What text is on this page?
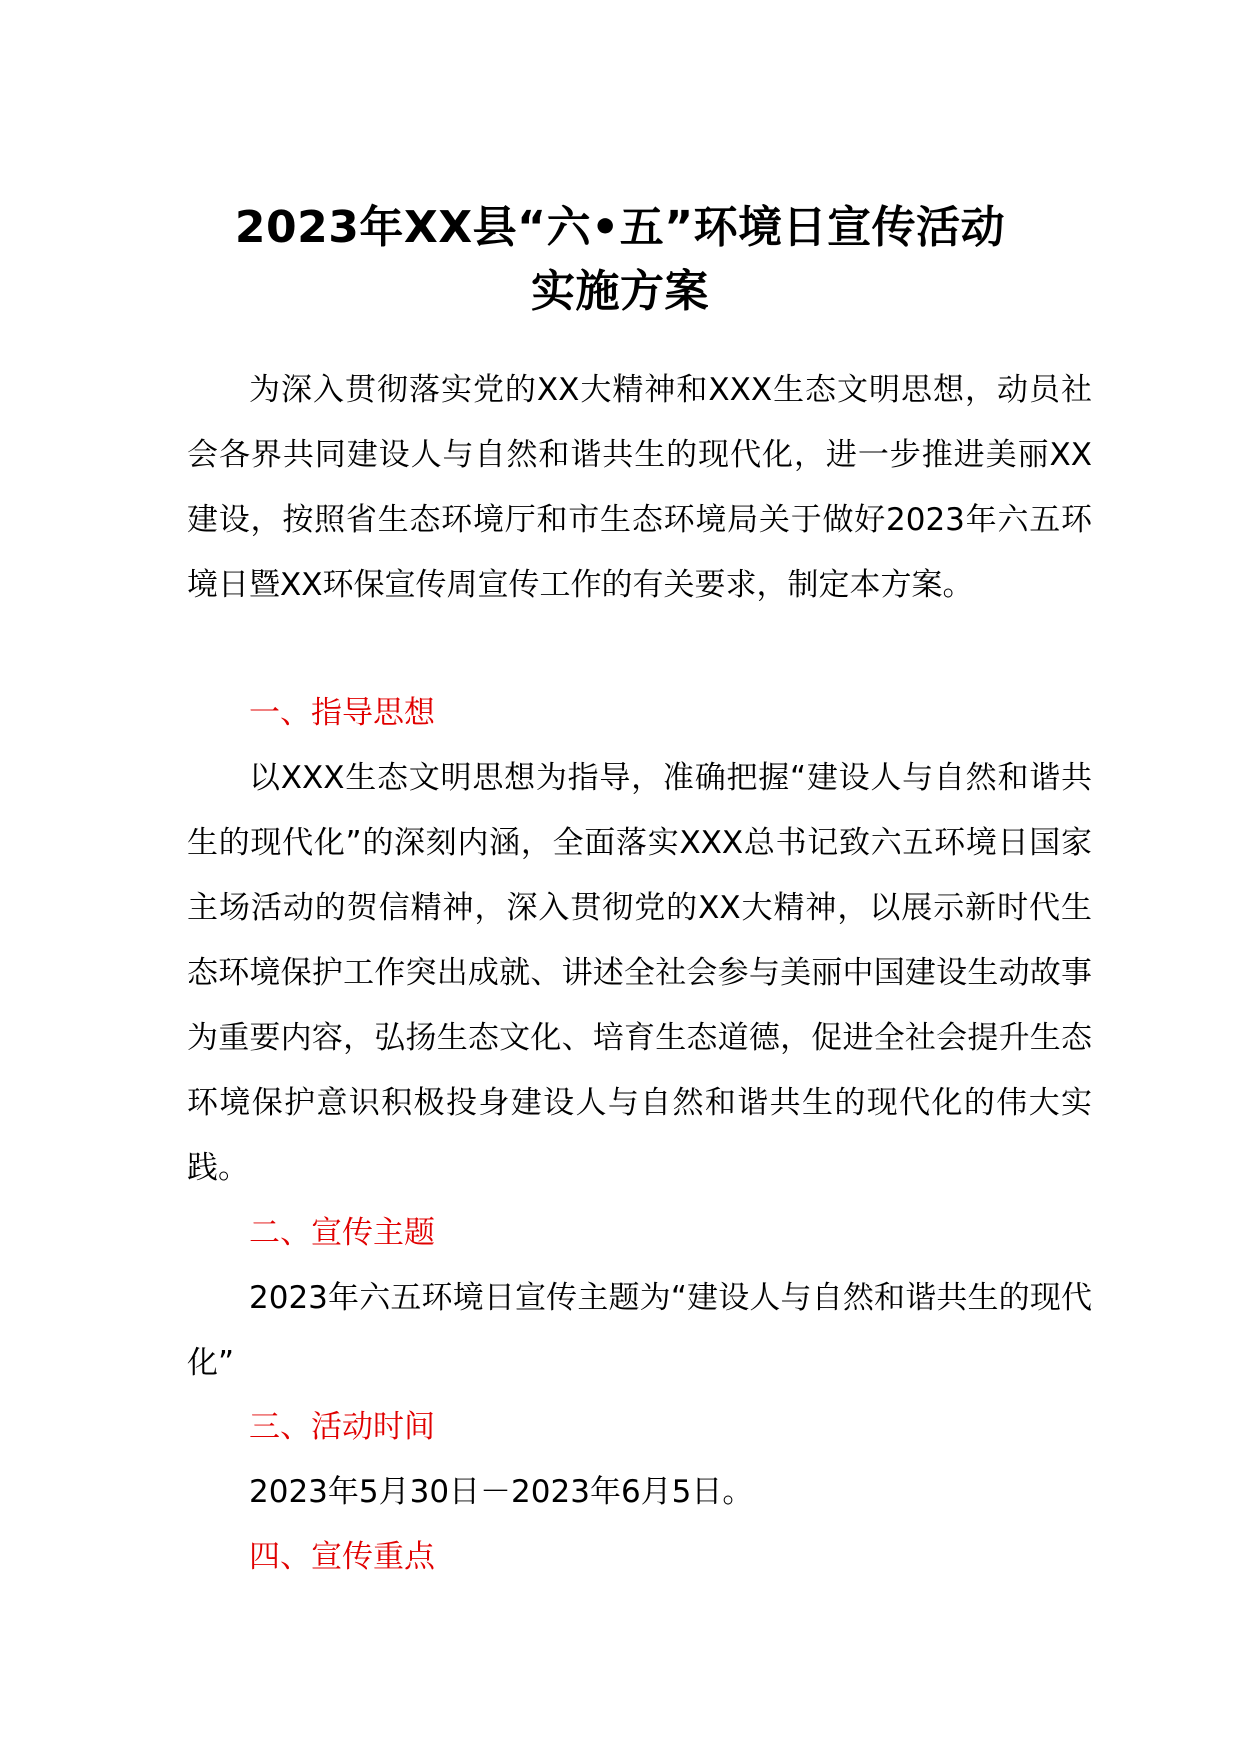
2023年XX县“六•五”环境日宣传活动
实施方案

为深入贯彻落实党的XX大精神和XXX生态文明思想，动员社会各界共同建设人与自然和谐共生的现代化，进一步推进美丽XX建设，按照省生态环境厅和市生态环境局关于做好2023年六五环境日暨XX环保宣传周宣传工作的有关要求，制定本方案。

一、指导思想

以XXX生态文明思想为指导，准确把握“建设人与自然和谐共生的现代化”的深刻内涵，全面落实XXX总书记致六五环境日国家主场活动的贺信精神，深入贯彻党的XX大精神，以展示新时代生态环境保护工作突出成就、讲述全社会参与美丽中国建设生动故事为重要内容，弘扬生态文化、培育生态道德，促进全社会提升生态环境保护意识积极投身建设人与自然和谐共生的现代化的伟大实践。

二、宣传主题

2023年六五环境日宣传主题为“建设人与自然和谐共生的现代化”

三、活动时间

2023年5月30日－2023年6月5日。

四、宣传重点
